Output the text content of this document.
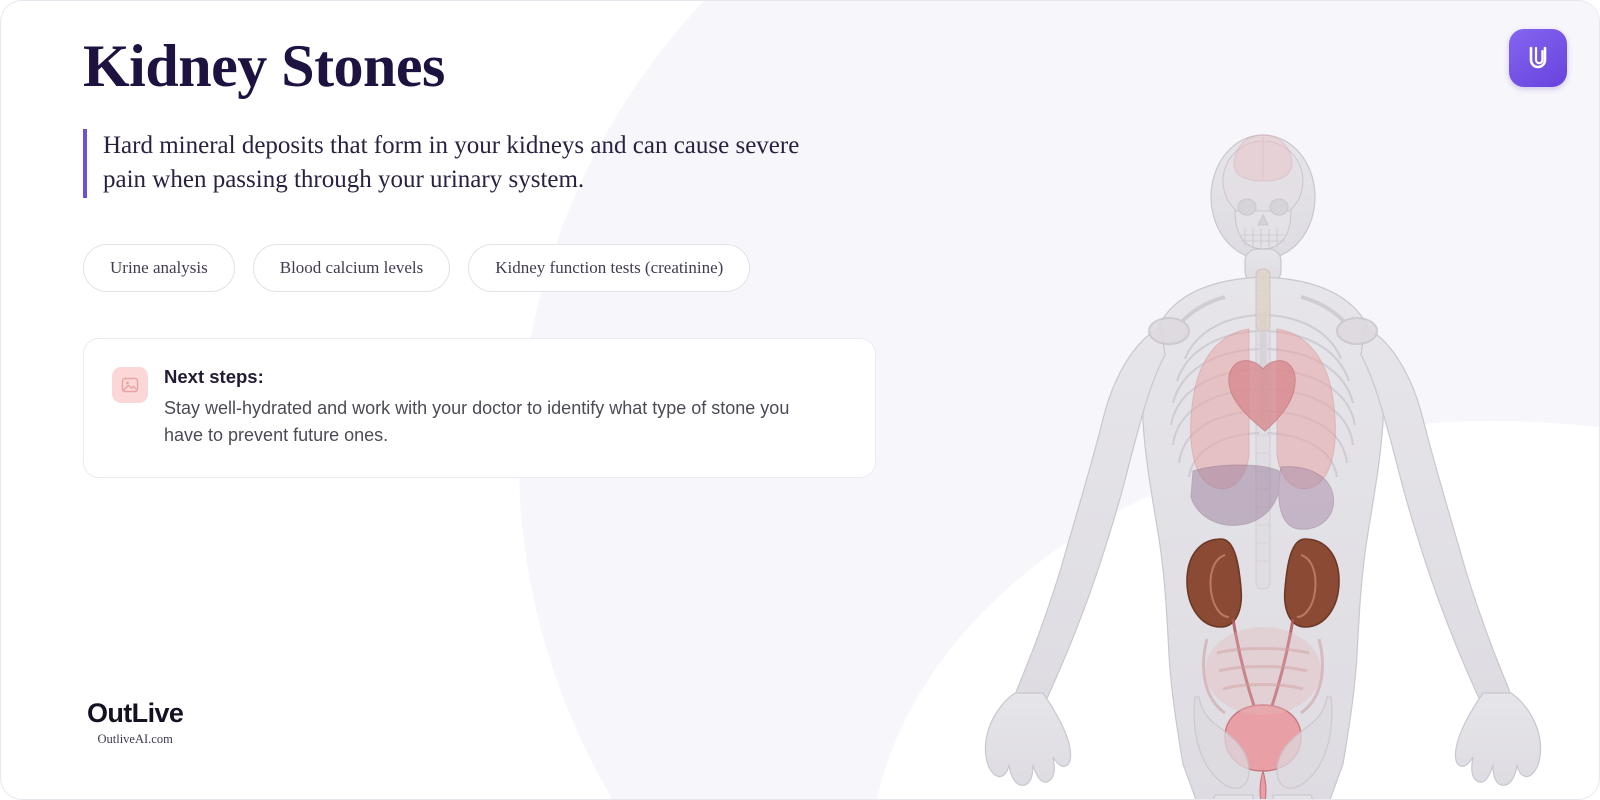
Kidney Stones

Hard mineral deposits that form in your kidneys and can cause severe pain when passing through your urinary system.

Urine analysis	Blood calcium levels	Kidney function tests (creatinine)
Next steps:
Stay well-hydrated and work with your doctor to identify what type of stone you have to prevent future ones.
OutLive
OutliveAI.com
